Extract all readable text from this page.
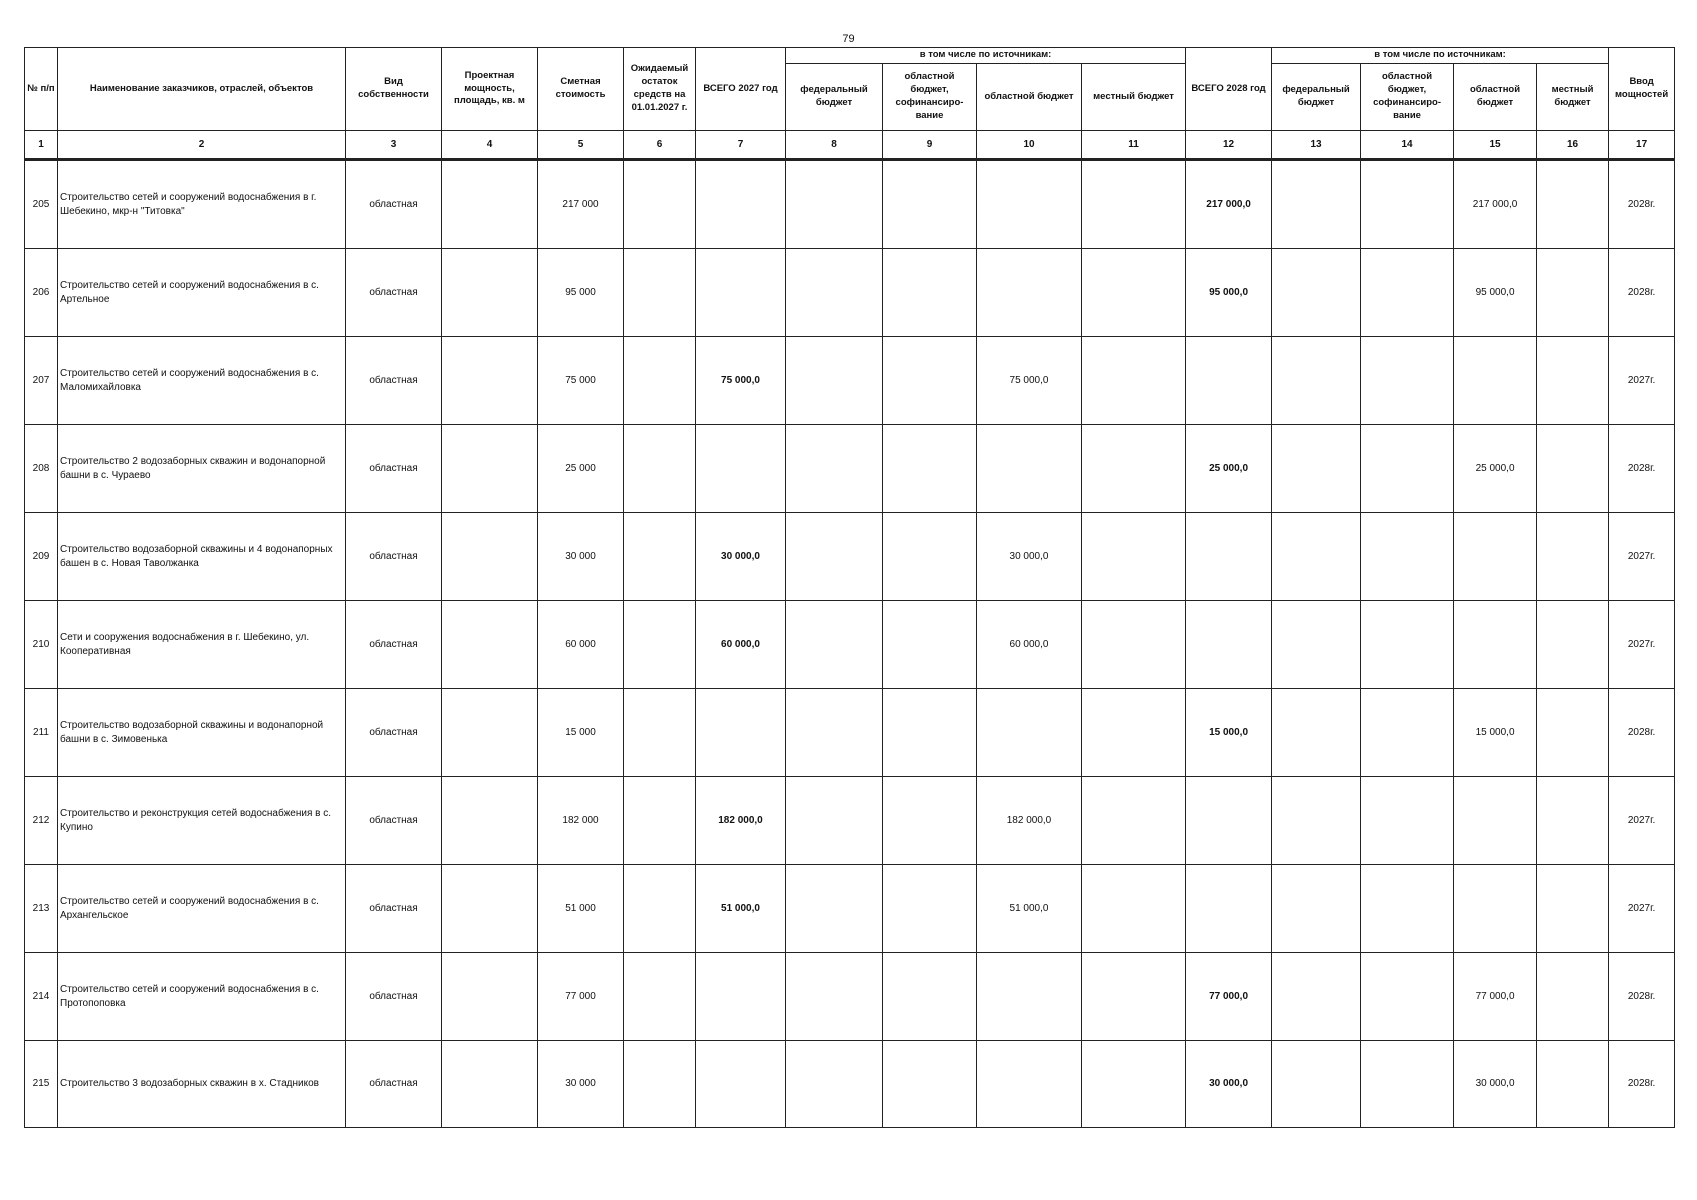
79
№ п/п	Наименование заказчиков, отраслей, объектов	Вид собственности	Проектная мощность, площадь, кв. м	Сметная стоимость	Ожидаемый остаток средств на 01.01.2027 г.	ВСЕГО 2027 год	в том числе по источникам:				ВСЕГО 2028 год	в том числе по источникам:				Ввод мощностей
							федеральный бюджет	областной бюджет, софинансиро-вание	областной бюджет	местный бюджет		федеральный бюджет	областной бюджет, софинансиро-вание	областной бюджет	местный бюджет	
1	2	3	4	5	6	7	8	9	10	11	12	13	14	15	16	17
205	Строительство сетей и сооружений водоснабжения в г. Шебекино, мкр-н "Титовка"	областная		217 000							217 000,0			217 000,0		2028г.
206	Строительство сетей и сооружений водоснабжения в с. Артельное	областная		95 000							95 000,0			95 000,0		2028г.
207	Строительство сетей и сооружений водоснабжения в с. Маломихайловка	областная		75 000		75 000,0			75 000,0							2027г.
208	Строительство 2 водозаборных скважин и водонапорной башни в с. Чураево	областная		25 000							25 000,0			25 000,0		2028г.
209	Строительство водозаборной скважины и 4 водонапорных башен в с. Новая Таволжанка	областная		30 000		30 000,0			30 000,0							2027г.
210	Сети и сооружения водоснабжения в г. Шебекино, ул. Кооперативная	областная		60 000		60 000,0			60 000,0							2027г.
211	Строительство водозаборной скважины и водонапорной башни в с. Зимовенька	областная		15 000							15 000,0			15 000,0		2028г.
212	Строительство и реконструкция сетей водоснабжения в с. Купино	областная		182 000		182 000,0			182 000,0							2027г.
213	Строительство сетей и сооружений водоснабжения в с. Архангельское	областная		51 000		51 000,0			51 000,0							2027г.
214	Строительство сетей и сооружений водоснабжения в с. Протопоповка	областная		77 000							77 000,0			77 000,0		2028г.
215	Строительство 3 водозаборных скважин в х. Стадников	областная		30 000							30 000,0			30 000,0		2028г.
